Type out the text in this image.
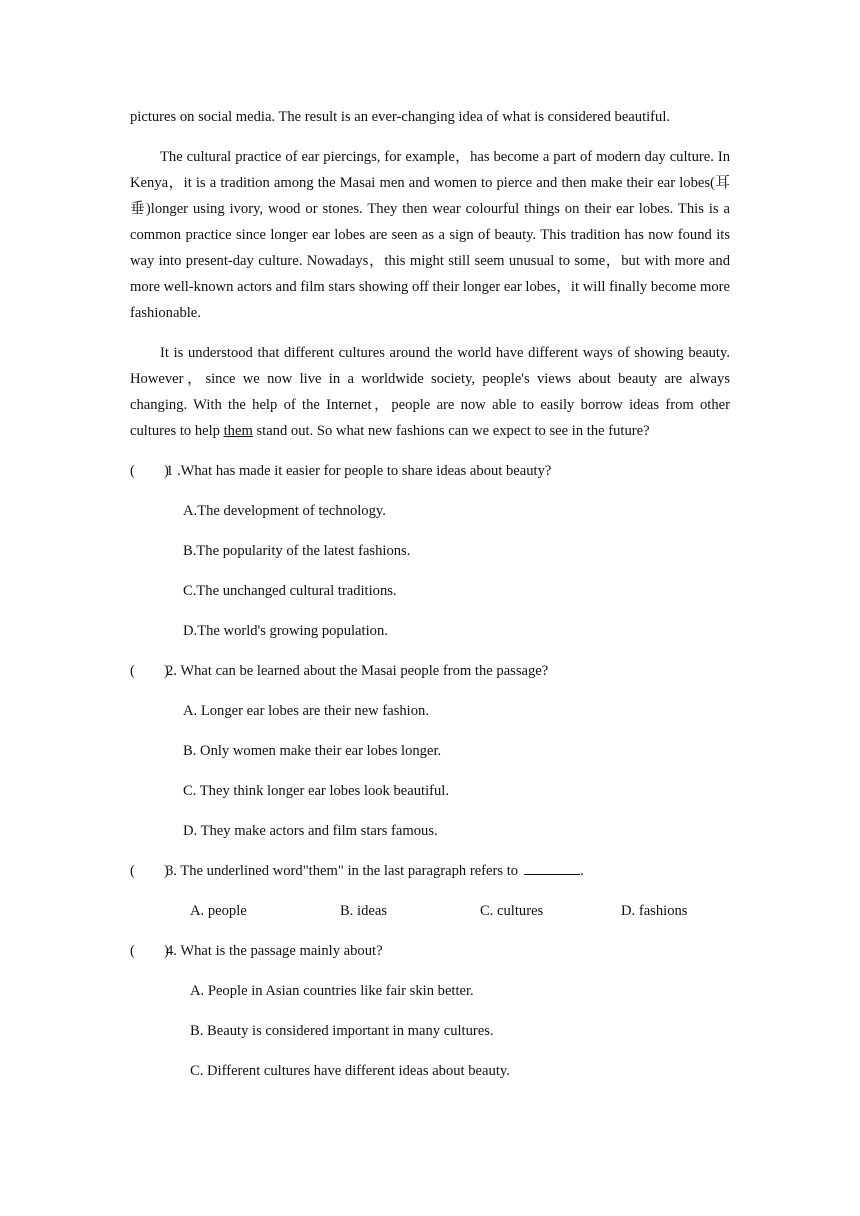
pictures on social media. The result is an ever-changing idea of what is considered beautiful.

The cultural practice of ear piercings, for example，has become a part of modern day culture. In Kenya，it is a tradition among the Masai men and women to pierce and then make their ear lobes(耳垂)longer using ivory, wood or stones. They then wear colourful things on their ear lobes. This is a common practice since longer ear lobes are seen as a sign of beauty. This tradition has now found its way into present-day culture. Nowadays，this might still seem unusual to some，but with more and more well-known actors and film stars showing off their longer ear lobes，it will finally become more fashionable.

It is understood that different cultures around the world have different ways of showing beauty. However，since we now live in a worldwide society, people's views about beauty are always changing. With the help of the Internet，people are now able to easily borrow ideas from other cultures to help them stand out. So what new fashions can we expect to see in the future?

(　　)1 .What has made it easier for people to share ideas about beauty?
A.The development of technology.
B.The popularity of the latest fashions.
C.The unchanged cultural traditions.
D.The world's growing population.
(　　)2. What can be learned about the Masai people from the passage?
A. Longer ear lobes are their new fashion.
B. Only women make their ear lobes longer.
C. They think longer ear lobes look beautiful.
D. They make actors and film stars famous.
(　　)3. The underlined word"them" in the last paragraph refers to	.
A. people	B. ideas	C. cultures	D. fashions
(　　)4. What is the passage mainly about?
A. People in Asian countries like fair skin better.
B. Beauty is considered important in many cultures.
C. Different cultures have different ideas about beauty.
